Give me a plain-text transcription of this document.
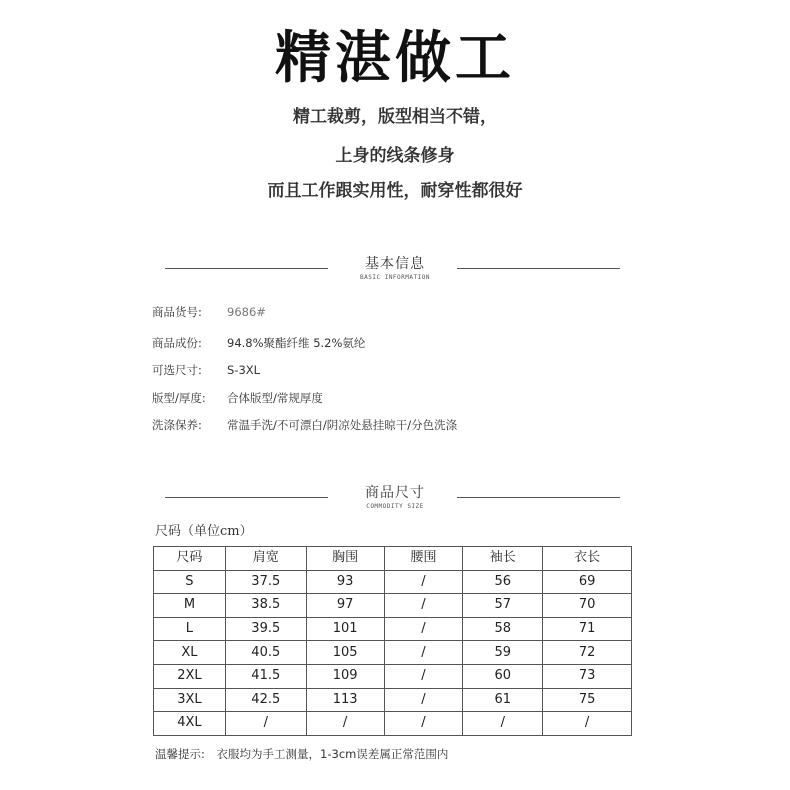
精湛做工
精工裁剪，版型相当不错，
上身的线条修身
而且工作跟实用性，耐穿性都很好
基本信息
BASIC INFORMATION
商品货号:	9686#
商品成份:	94.8%聚酯纤维 5.2%氨纶
可选尺寸:	S-3XL
版型/厚度:	合体版型/常规厚度
洗涤保养:	常温手洗/不可漂白/阴凉处悬挂晾干/分色洗涤
商品尺寸
COMMODITY SIZE
尺码（单位cm）
尺码	肩宽	胸围	腰围	袖长	衣长
S	37.5	93	/	56	69
M	38.5	97	/	57	70
L	39.5	101	/	58	71
XL	40.5	105	/	59	72
2XL	41.5	109	/	60	73
3XL	42.5	113	/	61	75
4XL	/	/	/	/	/
温馨提示: 衣服均为手工测量，1-3cm误差属正常范围内
